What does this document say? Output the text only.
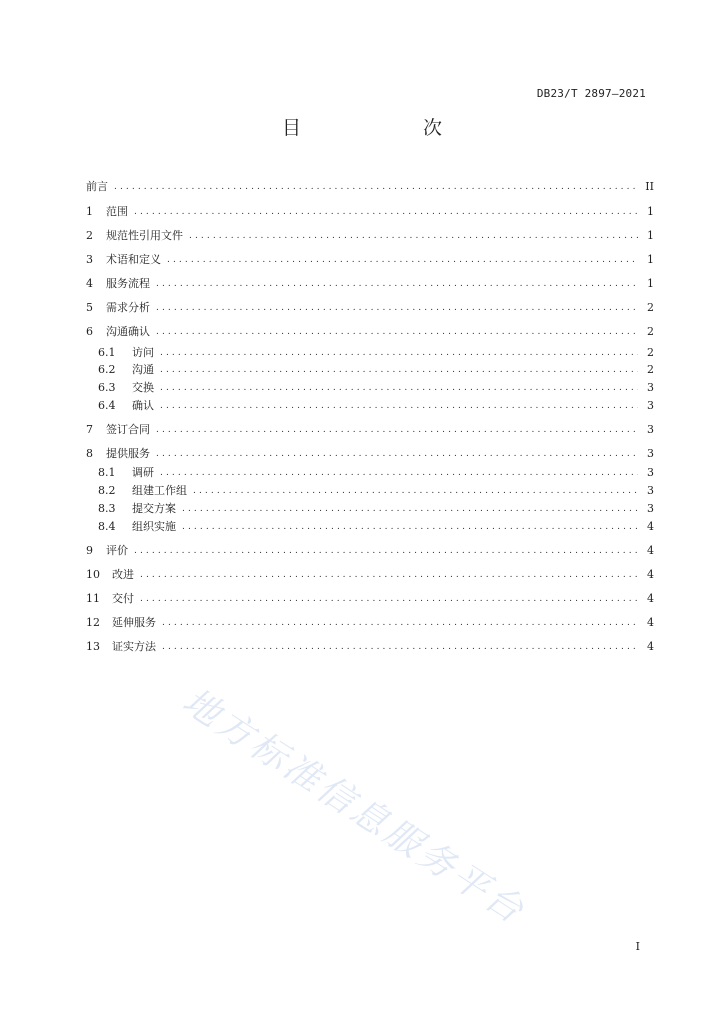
DB23/T 2897—2021
目　　次
前言 .....	II
1	范围 .....	1
2	规范性引用文件 .....	1
3	术语和定义 .....	1
4	服务流程 .....	1
5	需求分析 .....	2
6	沟通确认 .....	2
6.1	访问 .....	2
6.2	沟通 .....	2
6.3	交换 .....	3
6.4	确认 .....	3
7	签订合同 .....	3
8	提供服务 .....	3
8.1	调研 .....	3
8.2	组建工作组 .....	3
8.3	提交方案 .....	3
8.4	组织实施 .....	4
9	评价 .....	4
10	改进 .....	4
11	交付 .....	4
12	延伸服务 .....	4
13	证实方法 .....	4
地方标准信息服务平台
I
